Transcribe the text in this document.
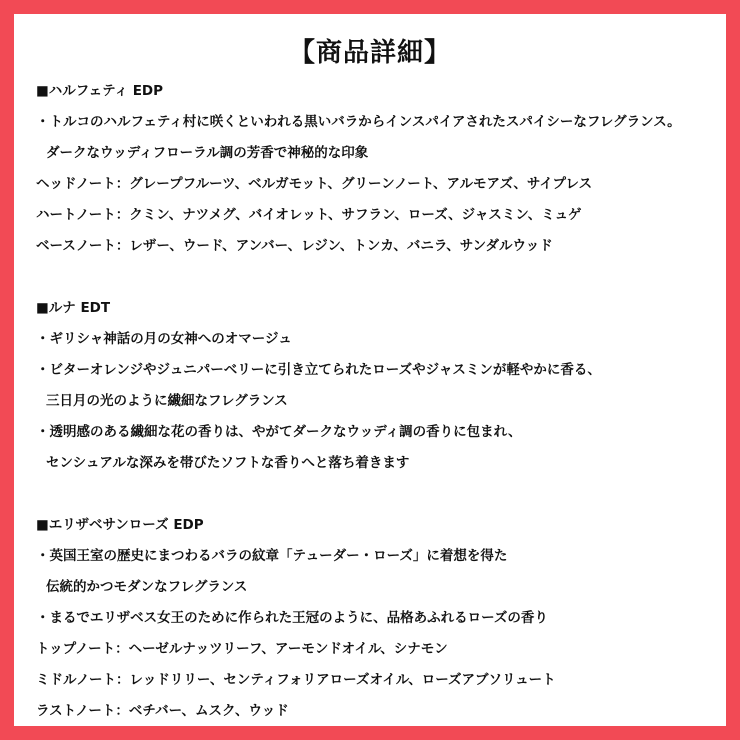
【商品詳細】
■ハルフェティ EDP
・トルコのハルフェティ村に咲くといわれる黒いバラからインスパイアされたスパイシーなフレグランス。
ダークなウッディフローラル調の芳香で神秘的な印象
ヘッドノート：グレープフルーツ、ベルガモット、グリーンノート、アルモアズ、サイプレス
ハートノート：クミン、ナツメグ、バイオレット、サフラン、ローズ、ジャスミン、ミュゲ
ベースノート：レザー、ウード、アンバー、レジン、トンカ、バニラ、サンダルウッド
■ルナ EDT
・ギリシャ神話の月の女神へのオマージュ
・ビターオレンジやジュニパーベリーに引き立てられたローズやジャスミンが軽やかに香る、
三日月の光のように繊細なフレグランス
・透明感のある繊細な花の香りは、やがてダークなウッディ調の香りに包まれ、
センシュアルな深みを帯びたソフトな香りへと落ち着きます
■エリザベサンローズ EDP
・英国王室の歴史にまつわるバラの紋章「テューダー・ローズ」に着想を得た
伝統的かつモダンなフレグランス
・まるでエリザベス女王のために作られた王冠のように、品格あふれるローズの香り
トップノート：ヘーゼルナッツリーフ、アーモンドオイル、シナモン
ミドルノート：レッドリリー、センティフォリアローズオイル、ローズアブソリュート
ラストノート：ベチバー、ムスク、ウッド
